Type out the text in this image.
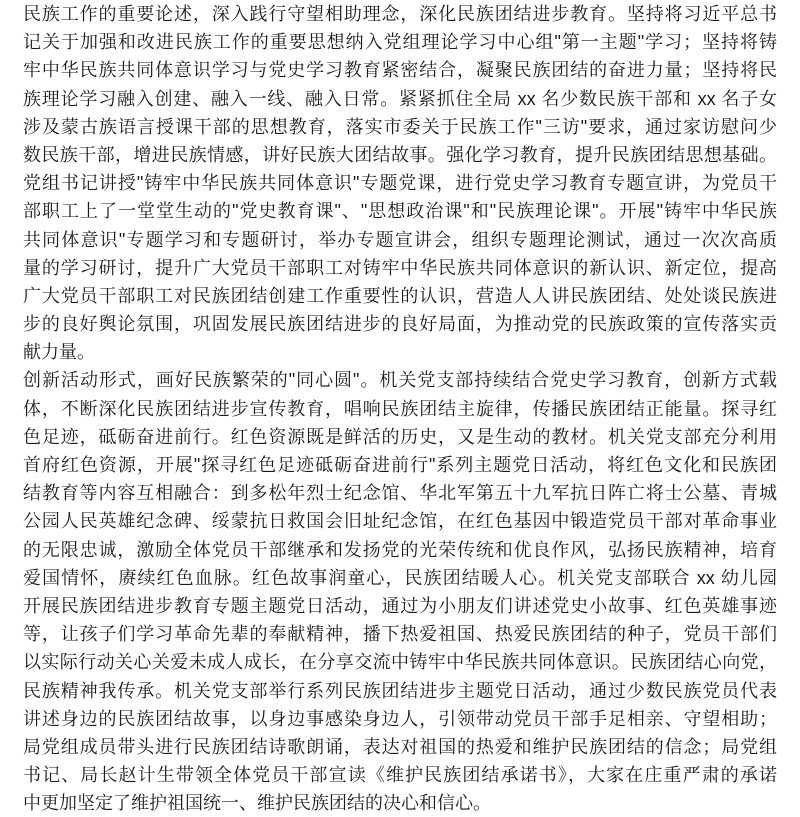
民族工作的重要论述，深入践行守望相助理念，深化民族团结进步教育。坚持将习近平总书
记关于加强和改进民族工作的重要思想纳入党组理论学习中心组"第一主题"学习；坚持将铸
牢中华民族共同体意识学习与党史学习教育紧密结合，凝聚民族团结的奋进力量；坚持将民
族理论学习融入创建、融入一线、融入日常。紧紧抓住全局 xx 名少数民族干部和 xx 名子女
涉及蒙古族语言授课干部的思想教育，落实市委关于民族工作"三访"要求，通过家访慰问少
数民族干部，增进民族情感，讲好民族大团结故事。强化学习教育，提升民族团结思想基础。
党组书记讲授"铸牢中华民族共同体意识"专题党课，进行党史学习教育专题宣讲，为党员干
部职工上了一堂堂生动的"党史教育课"、"思想政治课"和"民族理论课"。开展"铸牢中华民族
共同体意识"专题学习和专题研讨，举办专题宣讲会，组织专题理论测试，通过一次次高质
量的学习研讨，提升广大党员干部职工对铸牢中华民族共同体意识的新认识、新定位，提高
广大党员干部职工对民族团结创建工作重要性的认识，营造人人讲民族团结、处处谈民族进
步的良好舆论氛围，巩固发展民族团结进步的良好局面，为推动党的民族政策的宣传落实贡
献力量。
创新活动形式，画好民族繁荣的"同心圆"。机关党支部持续结合党史学习教育，创新方式载
体，不断深化民族团结进步宣传教育，唱响民族团结主旋律，传播民族团结正能量。探寻红
色足迹，砥砺奋进前行。红色资源既是鲜活的历史，又是生动的教材。机关党支部充分利用
首府红色资源，开展"探寻红色足迹砥砺奋进前行"系列主题党日活动，将红色文化和民族团
结教育等内容互相融合：到多松年烈士纪念馆、华北军第五十九军抗日阵亡将士公墓、青城
公园人民英雄纪念碑、绥蒙抗日救国会旧址纪念馆，在红色基因中锻造党员干部对革命事业
的无限忠诚，激励全体党员干部继承和发扬党的光荣传统和优良作风，弘扬民族精神，培育
爱国情怀，赓续红色血脉。红色故事润童心，民族团结暖人心。机关党支部联合 xx 幼儿园
开展民族团结进步教育专题主题党日活动，通过为小朋友们讲述党史小故事、红色英雄事迹
等，让孩子们学习革命先辈的奉献精神，播下热爱祖国、热爱民族团结的种子，党员干部们
以实际行动关心关爱未成人成长，在分享交流中铸牢中华民族共同体意识。民族团结心向党，
民族精神我传承。机关党支部举行系列民族团结进步主题党日活动，通过少数民族党员代表
讲述身边的民族团结故事，以身边事感染身边人，引领带动党员干部手足相亲、守望相助；
局党组成员带头进行民族团结诗歌朗诵，表达对祖国的热爱和维护民族团结的信念；局党组
书记、局长赵计生带领全体党员干部宣读《维护民族团结承诺书》，大家在庄重严肃的承诺
中更加坚定了维护祖国统一、维护民族团结的决心和信心。
